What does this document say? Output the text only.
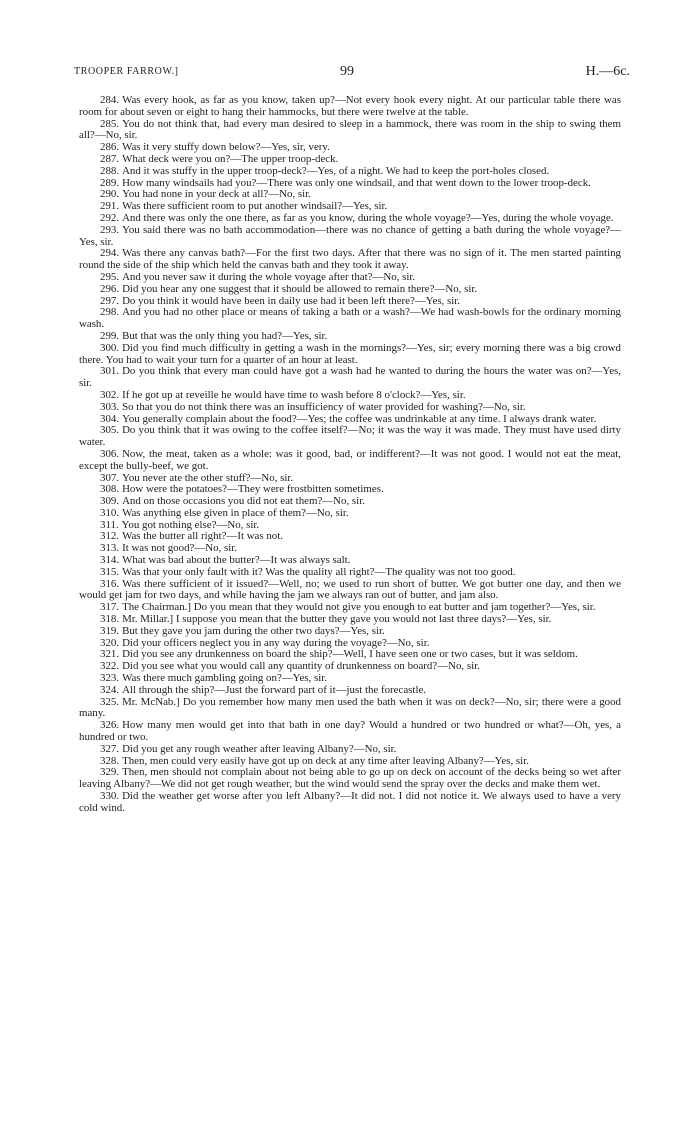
TROOPER FARROW.]	99	H.—6c.

284. Was every hook, as far as you know, taken up?—Not every hook every night. At our particular table there was room for about seven or eight to hang their hammocks, but there were twelve at the table.

285. You do not think that, had every man desired to sleep in a hammock, there was room in the ship to swing them all?—No, sir.

286. Was it very stuffy down below?—Yes, sir, very.

287. What deck were you on?—The upper troop-deck.

288. And it was stuffy in the upper troop-deck?—Yes, of a night. We had to keep the port-holes closed.

289. How many windsails had you?—There was only one windsail, and that went down to the lower troop-deck.

290. You had none in your deck at all?—No, sir.

291. Was there sufficient room to put another windsail?—Yes, sir.

292. And there was only the one there, as far as you know, during the whole voyage?—Yes, during the whole voyage.

293. You said there was no bath accommodation—there was no chance of getting a bath during the whole voyage?—Yes, sir.

294. Was there any canvas bath?—For the first two days. After that there was no sign of it. The men started painting round the side of the ship which held the canvas bath and they took it away.

295. And you never saw it during the whole voyage after that?—No, sir.

296. Did you hear any one suggest that it should be allowed to remain there?—No, sir.

297. Do you think it would have been in daily use had it been left there?—Yes, sir.

298. And you had no other place or means of taking a bath or a wash?—We had wash-bowls for the ordinary morning wash.

299. But that was the only thing you had?—Yes, sir.

300. Did you find much difficulty in getting a wash in the mornings?—Yes, sir; every morning there was a big crowd there. You had to wait your turn for a quarter of an hour at least.

301. Do you think that every man could have got a wash had he wanted to during the hours the water was on?—Yes, sir.

302. If he got up at reveille he would have time to wash before 8 o'clock?—Yes, sir.

303. So that you do not think there was an insufficiency of water provided for washing?—No, sir.

304. You generally complain about the food?—Yes; the coffee was undrinkable at any time. I always drank water.

305. Do you think that it was owing to the coffee itself?—No; it was the way it was made. They must have used dirty water.

306. Now, the meat, taken as a whole: was it good, bad, or indifferent?—It was not good. I would not eat the meat, except the bully-beef, we got.

307. You never ate the other stuff?—No, sir.

308. How were the potatoes?—They were frostbitten sometimes.

309. And on those occasions you did not eat them?—No, sir.

310. Was anything else given in place of them?—No, sir.

311. You got nothing else?—No, sir.

312. Was the butter all right?—It was not.

313. It was not good?—No, sir.

314. What was bad about the butter?—It was always salt.

315. Was that your only fault with it? Was the quality all right?—The quality was not too good.

316. Was there sufficient of it issued?—Well, no; we used to run short of butter. We got butter one day, and then we would get jam for two days, and while having the jam we always ran out of butter, and jam also.

317. The Chairman.] Do you mean that they would not give you enough to eat butter and jam together?—Yes, sir.

318. Mr. Millar.] I suppose you mean that the butter they gave you would not last three days?—Yes, sir.

319. But they gave you jam during the other two days?—Yes, sir.

320. Did your officers neglect you in any way during the voyage?—No, sir.

321. Did you see any drunkenness on board the ship?—Well, I have seen one or two cases, but it was seldom.

322. Did you see what you would call any quantity of drunkenness on board?—No, sir.

323. Was there much gambling going on?—Yes, sir.

324. All through the ship?—Just the forward part of it—just the forecastle.

325. Mr. McNab.] Do you remember how many men used the bath when it was on deck?—No, sir; there were a good many.

326. How many men would get into that bath in one day? Would a hundred or two hundred or what?—Oh, yes, a hundred or two.

327. Did you get any rough weather after leaving Albany?—No, sir.

328. Then, men could very easily have got up on deck at any time after leaving Albany?—Yes, sir.

329. Then, men should not complain about not being able to go up on deck on account of the decks being so wet after leaving Albany?—We did not get rough weather, but the wind would send the spray over the decks and make them wet.

330. Did the weather get worse after you left Albany?—It did not. I did not notice it. We always used to have a very cold wind.
